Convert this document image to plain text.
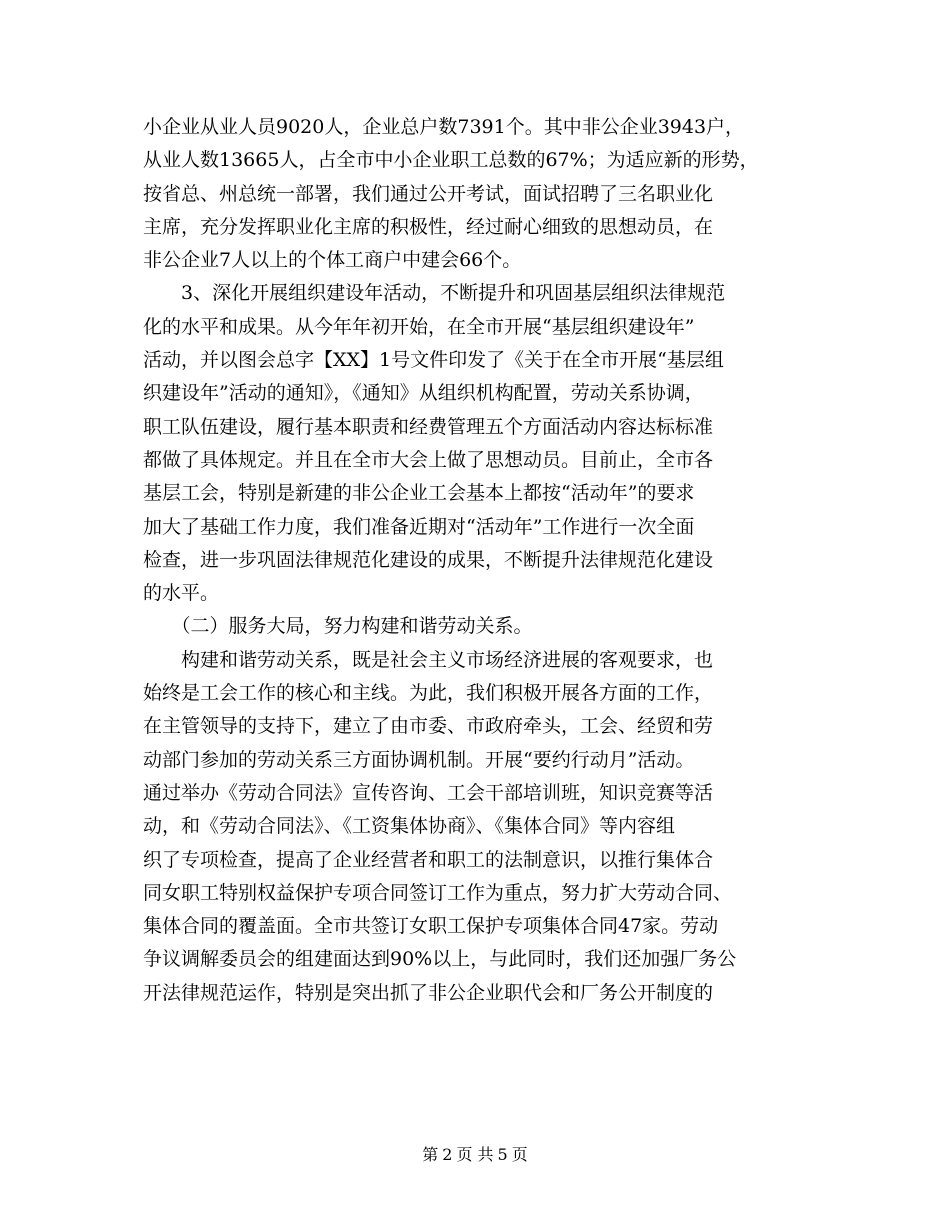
小企业从业人员9020人，企业总户数7391个。其中非公企业3943户，
从业人数13665人，占全市中小企业职工总数的67%；为适应新的形势，
按省总、州总统一部署，我们通过公开考试，面试招聘了三名职业化
主席，充分发挥职业化主席的积极性，经过耐心细致的思想动员，在
非公企业7人以上的个体工商户中建会66个。
　　3、深化开展组织建设年活动，不断提升和巩固基层组织法律规范
化的水平和成果。从今年年初开始，在全市开展“基层组织建设年”
活动，并以图会总字【XX】1号文件印发了《关于在全市开展“基层组
织建设年”活动的通知》，《通知》从组织机构配置，劳动关系协调，
职工队伍建设，履行基本职责和经费管理五个方面活动内容达标标准
都做了具体规定。并且在全市大会上做了思想动员。目前止，全市各
基层工会，特别是新建的非公企业工会基本上都按“活动年”的要求
加大了基础工作力度，我们准备近期对“活动年”工作进行一次全面
检查，进一步巩固法律规范化建设的成果，不断提升法律规范化建设
的水平。
　　（二）服务大局，努力构建和谐劳动关系。
　　构建和谐劳动关系，既是社会主义市场经济进展的客观要求，也
始终是工会工作的核心和主线。为此，我们积极开展各方面的工作，
在主管领导的支持下，建立了由市委、市政府牵头，工会、经贸和劳
动部门参加的劳动关系三方面协调机制。开展“要约行动月”活动。
通过举办《劳动合同法》宣传咨询、工会干部培训班，知识竞赛等活
动，和《劳动合同法》、《工资集体协商》、《集体合同》等内容组
织了专项检查，提高了企业经营者和职工的法制意识，以推行集体合
同女职工特别权益保护专项合同签订工作为重点，努力扩大劳动合同、
集体合同的覆盖面。全市共签订女职工保护专项集体合同47家。劳动
争议调解委员会的组建面达到90%以上，与此同时，我们还加强厂务公
开法律规范运作，特别是突出抓了非公企业职代会和厂务公开制度的
第 2 页 共 5 页
